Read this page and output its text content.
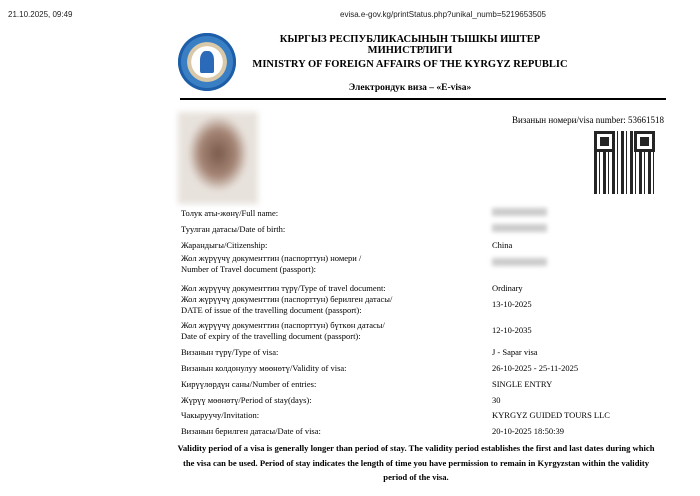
21.10.2025, 09:49	evisa.e-gov.kg/printStatus.php?unikal_numb=5219653505
КЫРГЫЗ РЕСПУБЛИКАСЫНЫН ТЫШКЫ ИШТЕР МИНИСТРЛИГИ
MINISTRY OF FOREIGN AFFAIRS OF THE KYRGYZ REPUBLIC
Электрондук виза – «E-visa»
Визанын номери/visa number: 53661518
Толук аты-жөнү/Full name:
Туулган датасы/Date of birth:
Жарандыгы/Citizenship:	China
Жол жүрүүчү документтин (паспорттун) номери /
Number of Travel document (passport):
Жол жүрүүчү документтин түрү/Type of travel document:	Ordinary
Жол жүрүүчү документтин (паспорттун) берилген датасы/
DATE of issue of the travelling document (passport):
13-10-2025
Жол жүрүүчү документтин (паспорттун) бүткөн датасы/
Date of expiry of the travelling document (passport):
12-10-2035
Визанын түрү/Type of visa:	J - Sapar visa
Визанын колдонулуу мөөнөтү/Validity of visa:	26-10-2025 - 25-11-2025
Кирүүлөрдүн саны/Number of entries:	SINGLE ENTRY
Жүрүү мөөнөтү/Period of stay(days):	30
Чакыруучу/Invitation:	KYRGYZ GUIDED TOURS LLC
Визанын берилген датасы/Date of visa:	20-10-2025 18:50:39
Validity period of a visa is generally longer than period of stay. The validity period establishes the first and last dates during which the visa can be used. Period of stay indicates the length of time you have permission to remain in Kyrgyzstan within the validity period of the visa.
